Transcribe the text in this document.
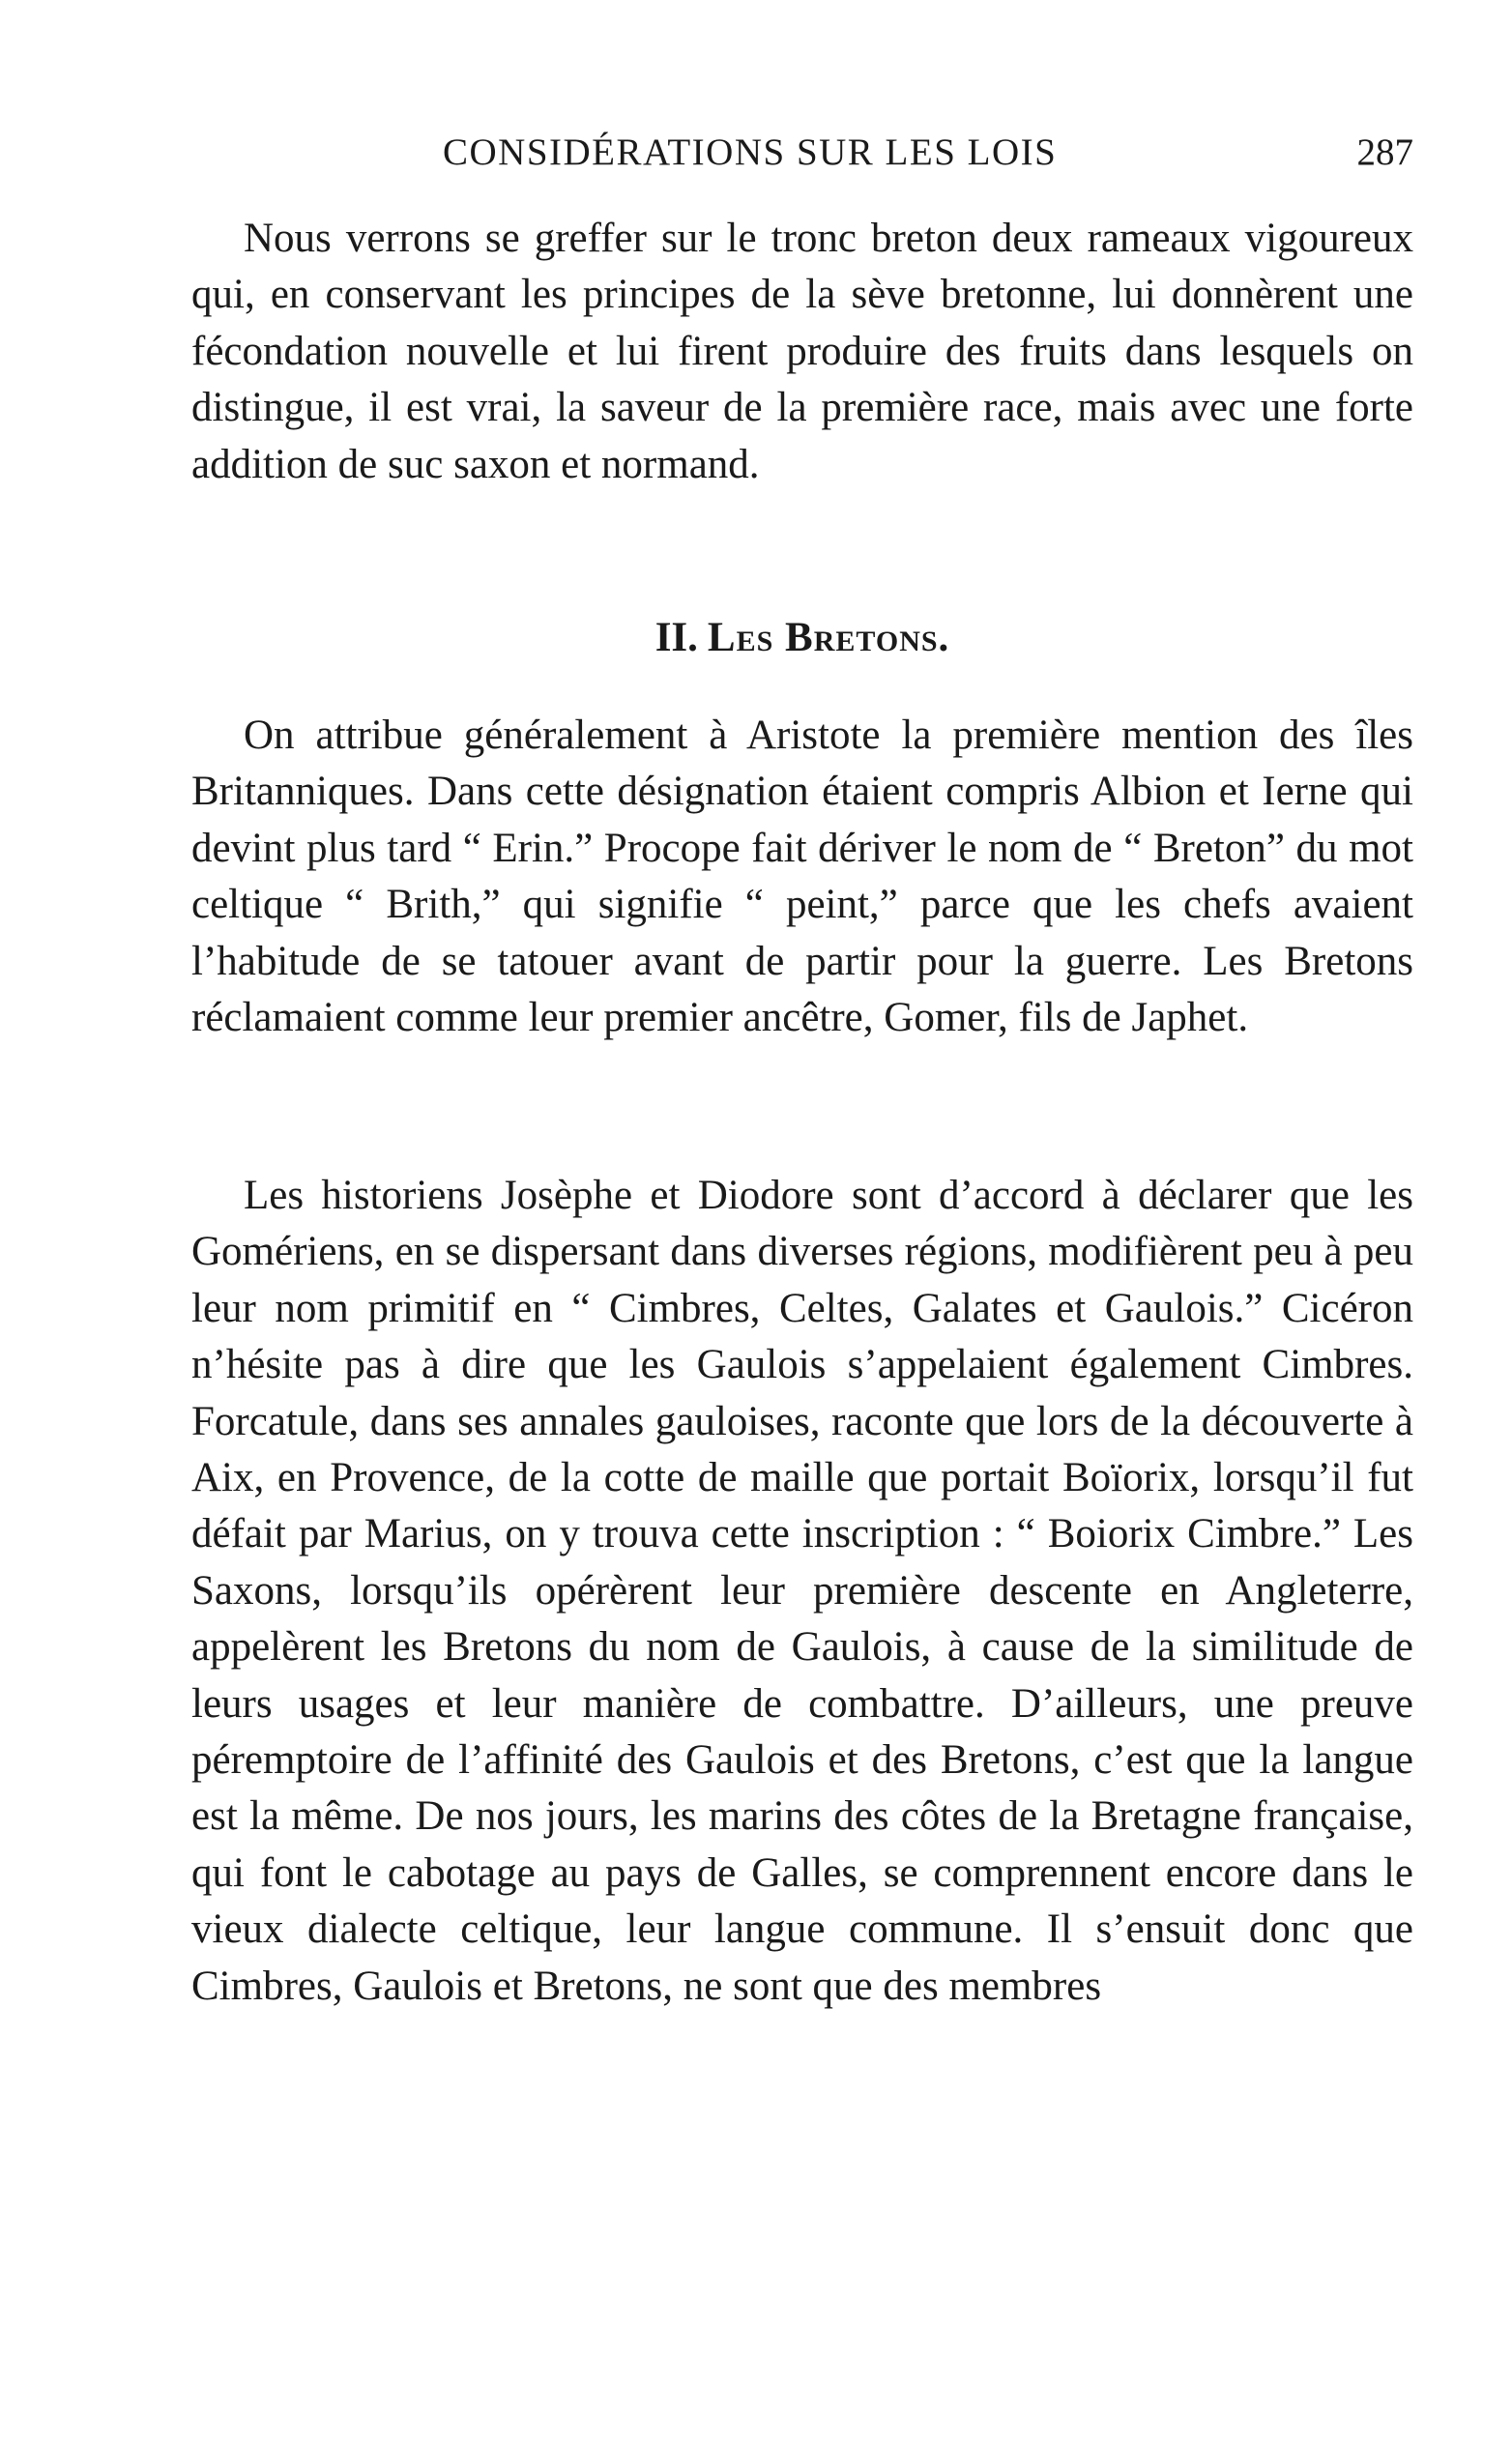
CONSIDÉRATIONS SUR LES LOIS	287

Nous verrons se greffer sur le tronc breton deux rameaux vigoureux qui, en conservant les principes de la sève bretonne, lui donnèrent une fécondation nouvelle et lui firent produire des fruits dans lesquels on distingue, il est vrai, la saveur de la première race, mais avec une forte addition de suc saxon et normand.

II. Les Bretons.

On attribue généralement à Aristote la première mention des îles Britanniques. Dans cette désignation étaient compris Albion et Ierne qui devint plus tard “ Erin.” Procope fait dériver le nom de “ Breton” du mot celtique “ Brith,” qui signifie “ peint,” parce que les chefs avaient l’habitude de se tatouer avant de partir pour la guerre. Les Bretons réclamaient comme leur premier ancêtre, Gomer, fils de Japhet.

Les historiens Josèphe et Diodore sont d’accord à déclarer que les Gomériens, en se dispersant dans diverses régions, modifièrent peu à peu leur nom primitif en “ Cimbres, Celtes, Galates et Gaulois.” Cicéron n’hésite pas à dire que les Gaulois s’appelaient également Cimbres. Forcatule, dans ses annales gauloises, raconte que lors de la découverte à Aix, en Provence, de la cotte de maille que portait Boïorix, lorsqu’il fut défait par Marius, on y trouva cette inscription : “ Boiorix Cimbre.” Les Saxons, lorsqu’ils opérèrent leur première descente en Angleterre, appelèrent les Bretons du nom de Gaulois, à cause de la similitude de leurs usages et leur manière de combattre. D’ailleurs, une preuve péremptoire de l’affinité des Gaulois et des Bretons, c’est que la langue est la même. De nos jours, les marins des côtes de la Bretagne française, qui font le cabotage au pays de Galles, se comprennent encore dans le vieux dialecte celtique, leur langue commune. Il s’ensuit donc que Cimbres, Gaulois et Bretons, ne sont que des membres
